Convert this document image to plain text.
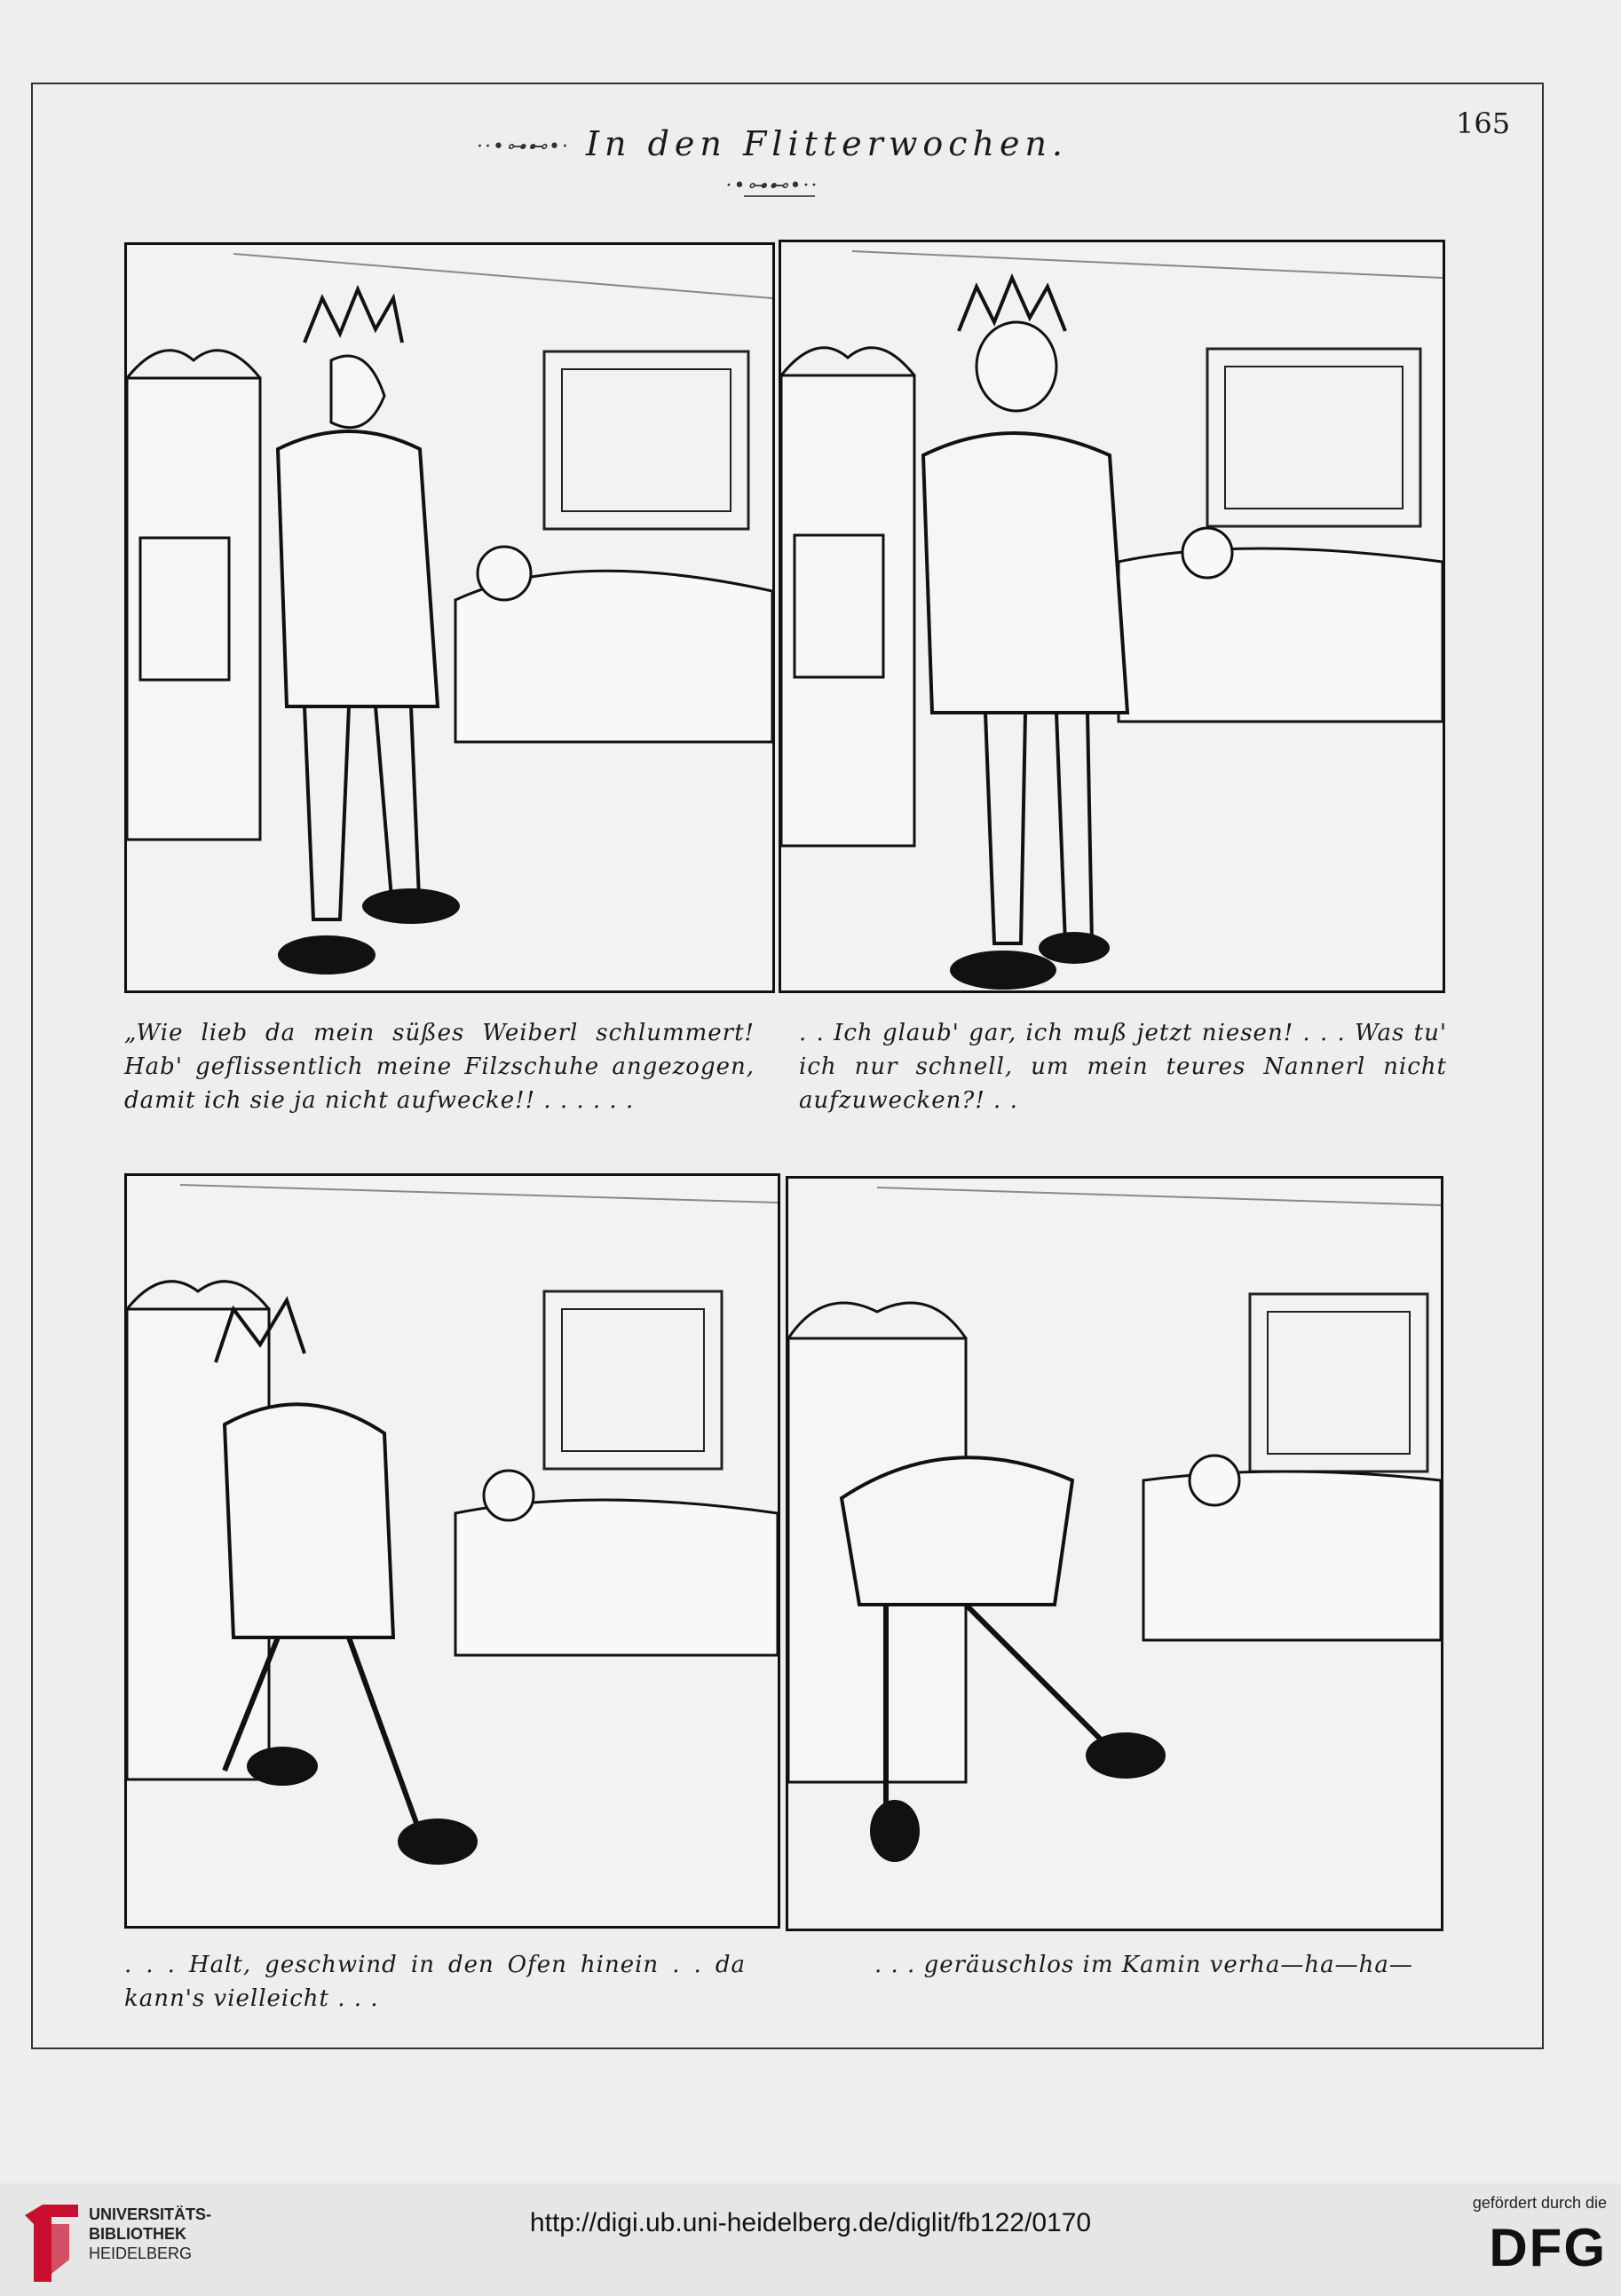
··•⊶⊷•· In den Flitterwochen. ·•⊶⊷•··
165
„Wie lieb da mein süßes Weiberl schlummert! Hab' geflissentlich meine Filzschuhe angezogen, damit ich sie ja nicht aufwecke!! . . . . . .
. . Ich glaub' gar, ich muß jetzt niesen! . . . Was tu' ich nur schnell, um mein teures Nannerl nicht aufzuwecken?! . .
. . . Halt, geschwind in den Ofen hinein . . da kann's vielleicht . . .
. . . geräuschlos im Kamin verha—ha—ha—
UNIVERSITÄTS-
BIBLIOTHEK
HEIDELBERG
http://digi.ub.uni-heidelberg.de/diglit/fb122/0170
gefördert durch die
DFG
